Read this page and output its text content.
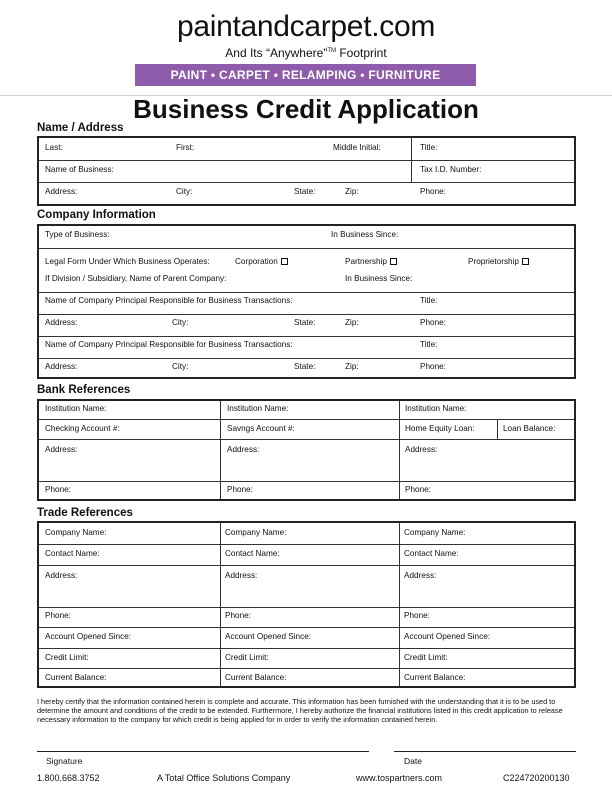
paintandcarpet.com
And Its “Anywhere”™ Footprint
PAINT • CARPET • RELAMPING • FURNITURE
Business Credit Application
Name / Address
Last:	First:	Middle Initial:	Title:
Name of Business:	Tax I.D. Number:
Address:	City:	State:	Zip:	Phone:
Company Information
Type of Business:	In Business Since:
Legal Form Under Which Business Operates:	Corporation	Partnership	Proprietorship
If Division / Subsidiary, Name of Parent Company:	In Business Since:
Name of Company Principal Responsible for Business Transactions:	Title:
Address:	City:	State:	Zip:	Phone:
Name of Company Principal Responsible for Business Transactions:	Title:
Address:	City:	State:	Zip:	Phone:
Bank References
Institution Name:	Institution Name:	Institution Name:
Checking Account #:	Savngs Account #:	Home Equity Loan:	Loan Balance:
Address:	Address:	Address:
Phone:	Phone:	Phone:
Trade References
Company Name:	Company Name:	Company Name:
Contact Name:	Contact Name:	Contact Name:
Address:	Address:	Address:
Phone:	Phone:	Phone:
Account Opened Since:	Account Opened Since:	Account Opened Since:
Credit Limit:	Credit Limit:	Credit Limit:
Current Balance:	Current Balance:	Current Balance:
I hereby certify that the information contained herein is complete and accurate. This information has been furnished with the understanding that it is to be used to determine the amount and conditions of the credit to be extended. Furthermore, I hereby authorize the financial institutions listed in this credit application to release necessary information to the company for which credit is being applied for in order to verify the information contained herein.
Signature	Date
1.800.668.3752	A Total Office Solutions Company	www.tospartners.com	C224720200130
